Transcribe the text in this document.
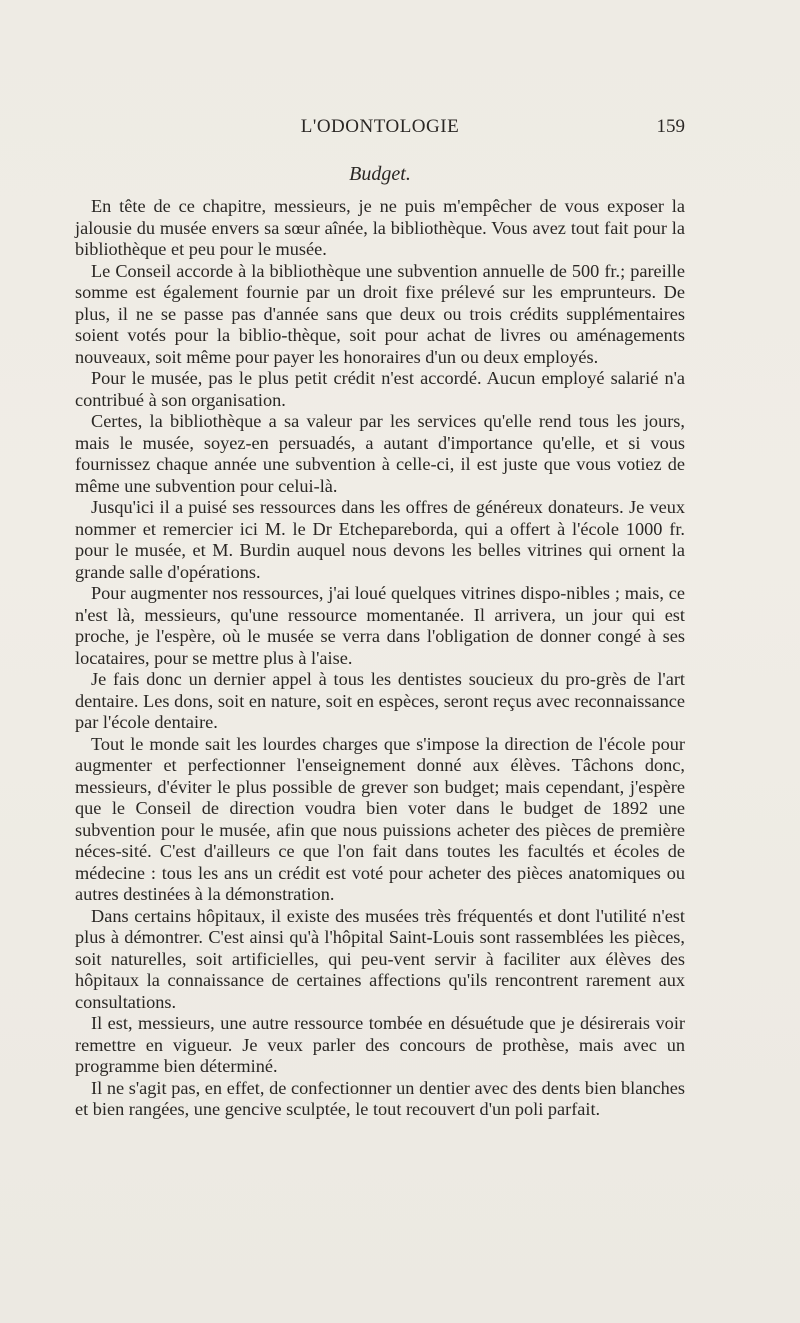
L'ODONTOLOGIE	159
Budget.

En tête de ce chapitre, messieurs, je ne puis m'empêcher de vous exposer la jalousie du musée envers sa sœur aînée, la bibliothèque. Vous avez tout fait pour la bibliothèque et peu pour le musée.

Le Conseil accorde à la bibliothèque une subvention annuelle de 500 fr.; pareille somme est également fournie par un droit fixe prélevé sur les emprunteurs. De plus, il ne se passe pas d'année sans que deux ou trois crédits supplémentaires soient votés pour la biblio-thèque, soit pour achat de livres ou aménagements nouveaux, soit même pour payer les honoraires d'un ou deux employés.

Pour le musée, pas le plus petit crédit n'est accordé. Aucun employé salarié n'a contribué à son organisation.

Certes, la bibliothèque a sa valeur par les services qu'elle rend tous les jours, mais le musée, soyez-en persuadés, a autant d'importance qu'elle, et si vous fournissez chaque année une subvention à celle-ci, il est juste que vous votiez de même une subvention pour celui-là.

Jusqu'ici il a puisé ses ressources dans les offres de généreux donateurs. Je veux nommer et remercier ici M. le Dr Etchepareborda, qui a offert à l'école 1000 fr. pour le musée, et M. Burdin auquel nous devons les belles vitrines qui ornent la grande salle d'opérations.

Pour augmenter nos ressources, j'ai loué quelques vitrines dispo-nibles ; mais, ce n'est là, messieurs, qu'une ressource momentanée. Il arrivera, un jour qui est proche, je l'espère, où le musée se verra dans l'obligation de donner congé à ses locataires, pour se mettre plus à l'aise.

Je fais donc un dernier appel à tous les dentistes soucieux du pro-grès de l'art dentaire. Les dons, soit en nature, soit en espèces, seront reçus avec reconnaissance par l'école dentaire.

Tout le monde sait les lourdes charges que s'impose la direction de l'école pour augmenter et perfectionner l'enseignement donné aux élèves. Tâchons donc, messieurs, d'éviter le plus possible de grever son budget; mais cependant, j'espère que le Conseil de direction voudra bien voter dans le budget de 1892 une subvention pour le musée, afin que nous puissions acheter des pièces de première néces-sité. C'est d'ailleurs ce que l'on fait dans toutes les facultés et écoles de médecine : tous les ans un crédit est voté pour acheter des pièces anatomiques ou autres destinées à la démonstration.

Dans certains hôpitaux, il existe des musées très fréquentés et dont l'utilité n'est plus à démontrer. C'est ainsi qu'à l'hôpital Saint-Louis sont rassemblées les pièces, soit naturelles, soit artificielles, qui peu-vent servir à faciliter aux élèves des hôpitaux la connaissance de certaines affections qu'ils rencontrent rarement aux consultations.

Il est, messieurs, une autre ressource tombée en désuétude que je désirerais voir remettre en vigueur. Je veux parler des concours de prothèse, mais avec un programme bien déterminé.

Il ne s'agit pas, en effet, de confectionner un dentier avec des dents bien blanches et bien rangées, une gencive sculptée, le tout recouvert d'un poli parfait.
